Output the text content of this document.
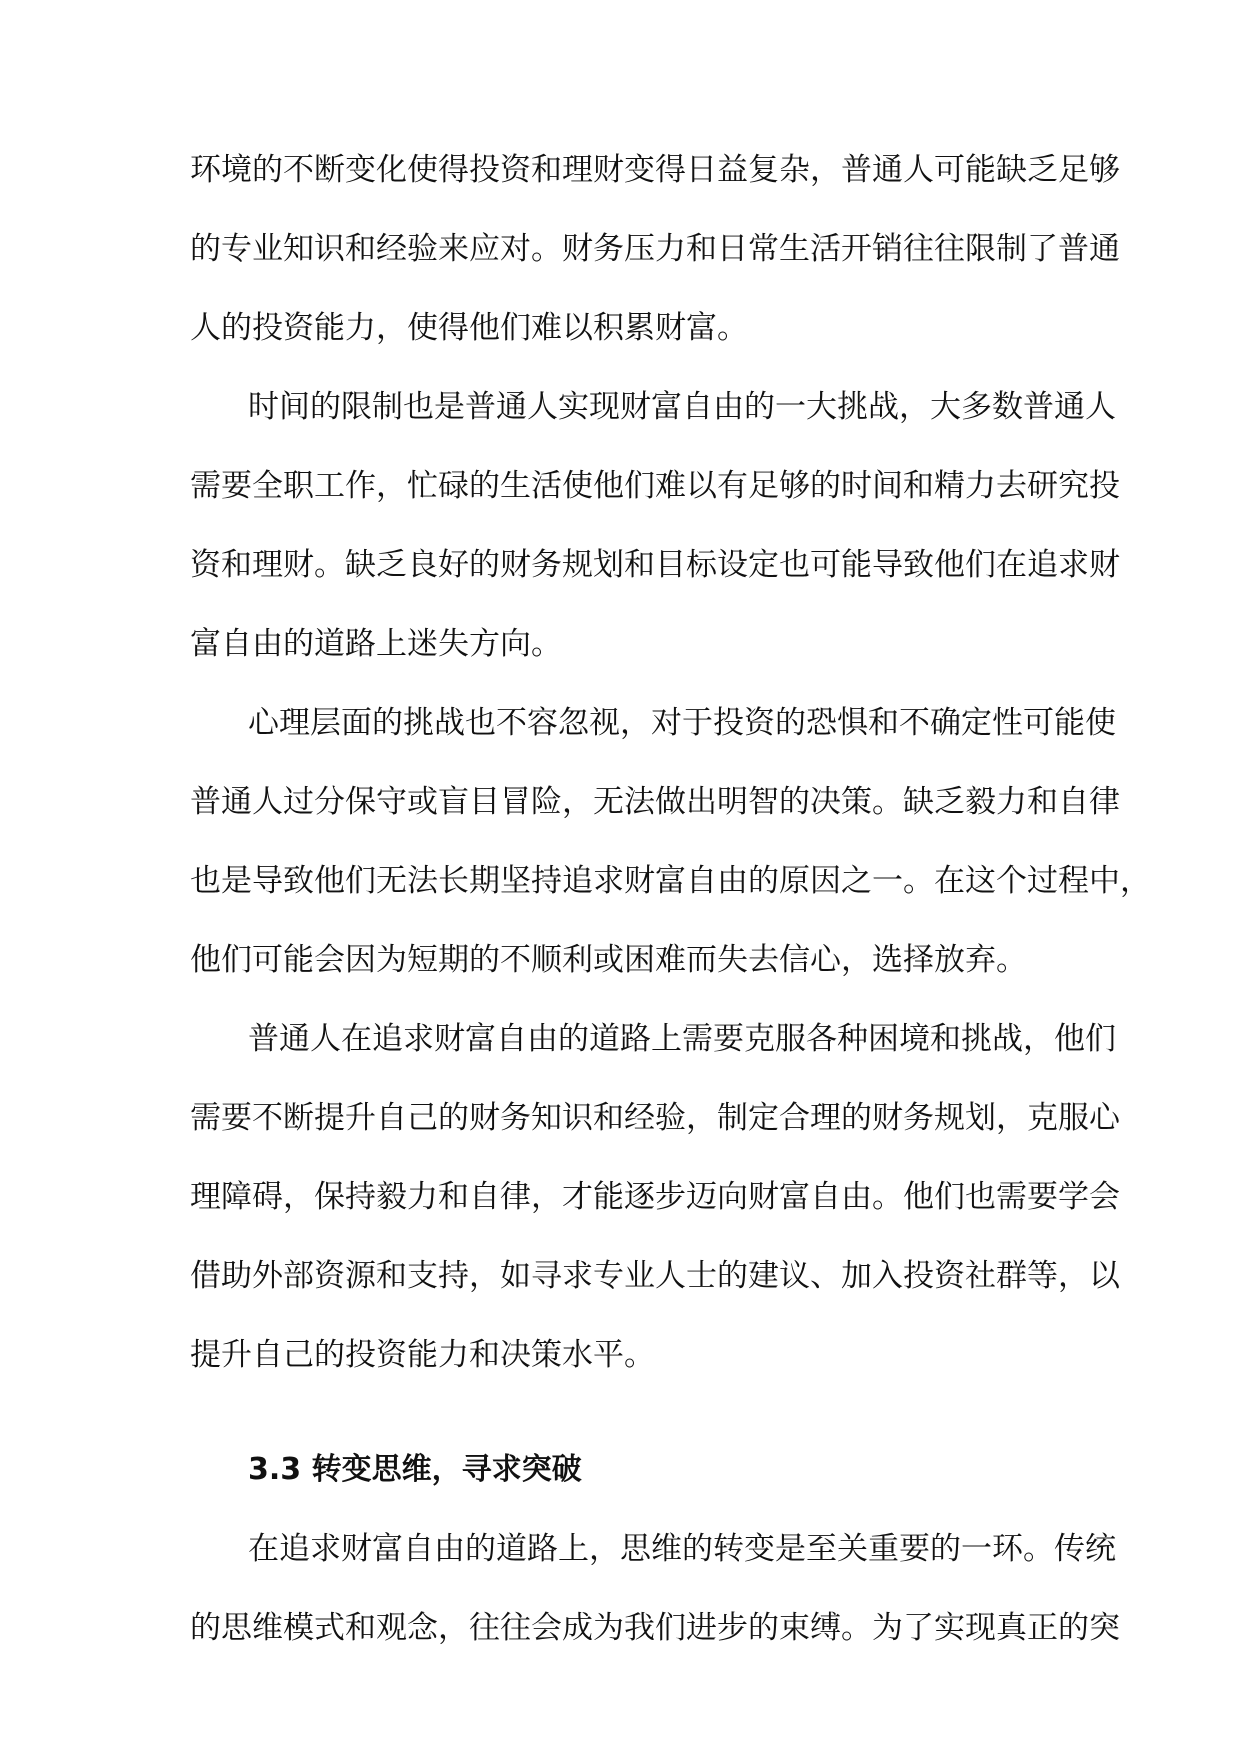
环境的不断变化使得投资和理财变得日益复杂，普通人可能缺乏足够
的专业知识和经验来应对。财务压力和日常生活开销往往限制了普通
人的投资能力，使得他们难以积累财富。
时间的限制也是普通人实现财富自由的一大挑战，大多数普通人
需要全职工作，忙碌的生活使他们难以有足够的时间和精力去研究投
资和理财。缺乏良好的财务规划和目标设定也可能导致他们在追求财
富自由的道路上迷失方向。
心理层面的挑战也不容忽视，对于投资的恐惧和不确定性可能使
普通人过分保守或盲目冒险，无法做出明智的决策。缺乏毅力和自律
也是导致他们无法长期坚持追求财富自由的原因之一。在这个过程中，
他们可能会因为短期的不顺利或困难而失去信心，选择放弃。
普通人在追求财富自由的道路上需要克服各种困境和挑战，他们
需要不断提升自己的财务知识和经验，制定合理的财务规划，克服心
理障碍，保持毅力和自律，才能逐步迈向财富自由。他们也需要学会
借助外部资源和支持，如寻求专业人士的建议、加入投资社群等，以
提升自己的投资能力和决策水平。
3.3 转变思维，寻求突破
在追求财富自由的道路上，思维的转变是至关重要的一环。传统
的思维模式和观念，往往会成为我们进步的束缚。为了实现真正的突
